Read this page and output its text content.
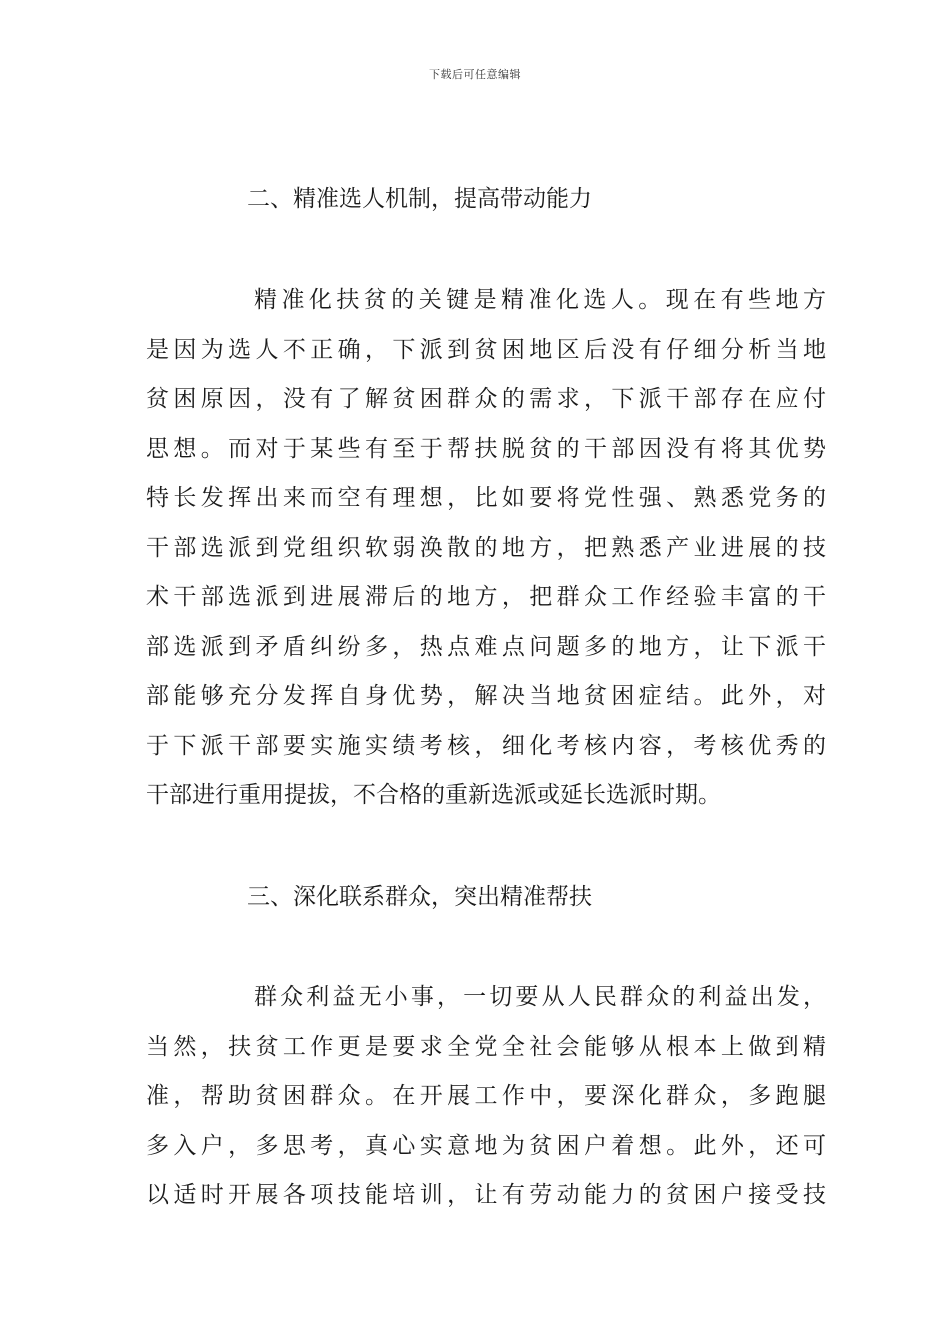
下载后可任意编辑
二、精准选人机制，提高带动能力
精准化扶贫的关键是精准化选人。现在有些地方
是因为选人不正确，下派到贫困地区后没有仔细分析当地
贫困原因，没有了解贫困群众的需求，下派干部存在应付
思想。而对于某些有至于帮扶脱贫的干部因没有将其优势
特长发挥出来而空有理想，比如要将党性强、熟悉党务的
干部选派到党组织软弱涣散的地方，把熟悉产业进展的技
术干部选派到进展滞后的地方，把群众工作经验丰富的干
部选派到矛盾纠纷多，热点难点问题多的地方，让下派干
部能够充分发挥自身优势，解决当地贫困症结。此外，对
于下派干部要实施实绩考核，细化考核内容，考核优秀的
干部进行重用提拔，不合格的重新选派或延长选派时期。
三、深化联系群众，突出精准帮扶
群众利益无小事，一切要从人民群众的利益出发，
当然，扶贫工作更是要求全党全社会能够从根本上做到精
准，帮助贫困群众。在开展工作中，要深化群众，多跑腿
多入户，多思考，真心实意地为贫困户着想。此外，还可
以适时开展各项技能培训，让有劳动能力的贫困户接受技
